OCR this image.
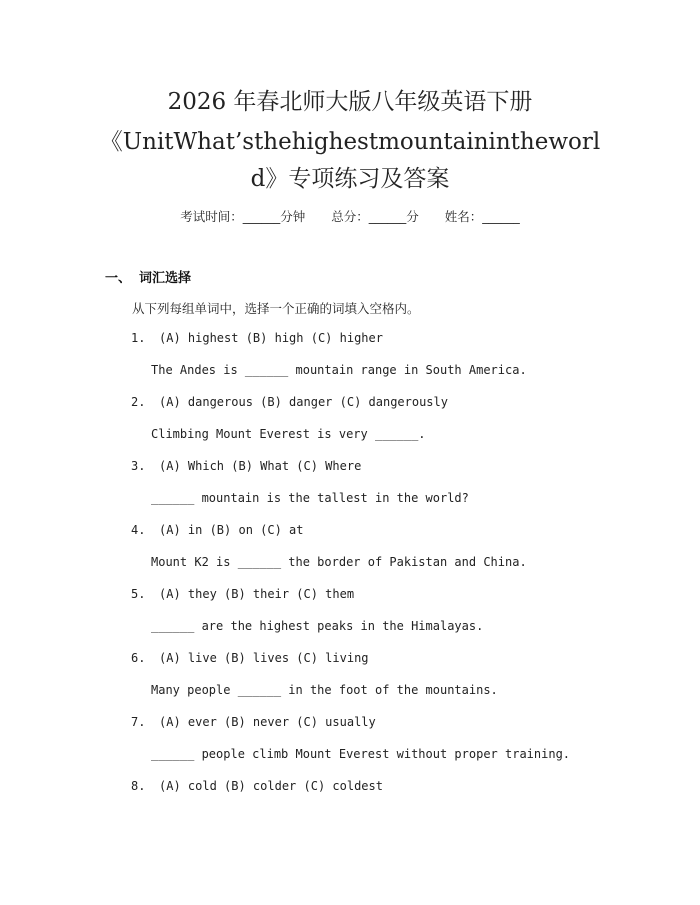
2026 年春北师大版八年级英语下册
《UnitWhat’sthehighestmountainintheworl
d》专项练习及答案
考试时间：______分钟 总分：______分 姓名：______
一、 词汇选择
从下列每组单词中，选择一个正确的词填入空格内。
1. (A) highest (B) high (C) higher
The Andes is ______ mountain range in South America.
2. (A) dangerous (B) danger (C) dangerously
Climbing Mount Everest is very ______.
3. (A) Which (B) What (C) Where
______ mountain is the tallest in the world?
4. (A) in (B) on (C) at
Mount K2 is ______ the border of Pakistan and China.
5. (A) they (B) their (C) them
______ are the highest peaks in the Himalayas.
6. (A) live (B) lives (C) living
Many people ______ in the foot of the mountains.
7. (A) ever (B) never (C) usually
______ people climb Mount Everest without proper training.
8. (A) cold (B) colder (C) coldest
